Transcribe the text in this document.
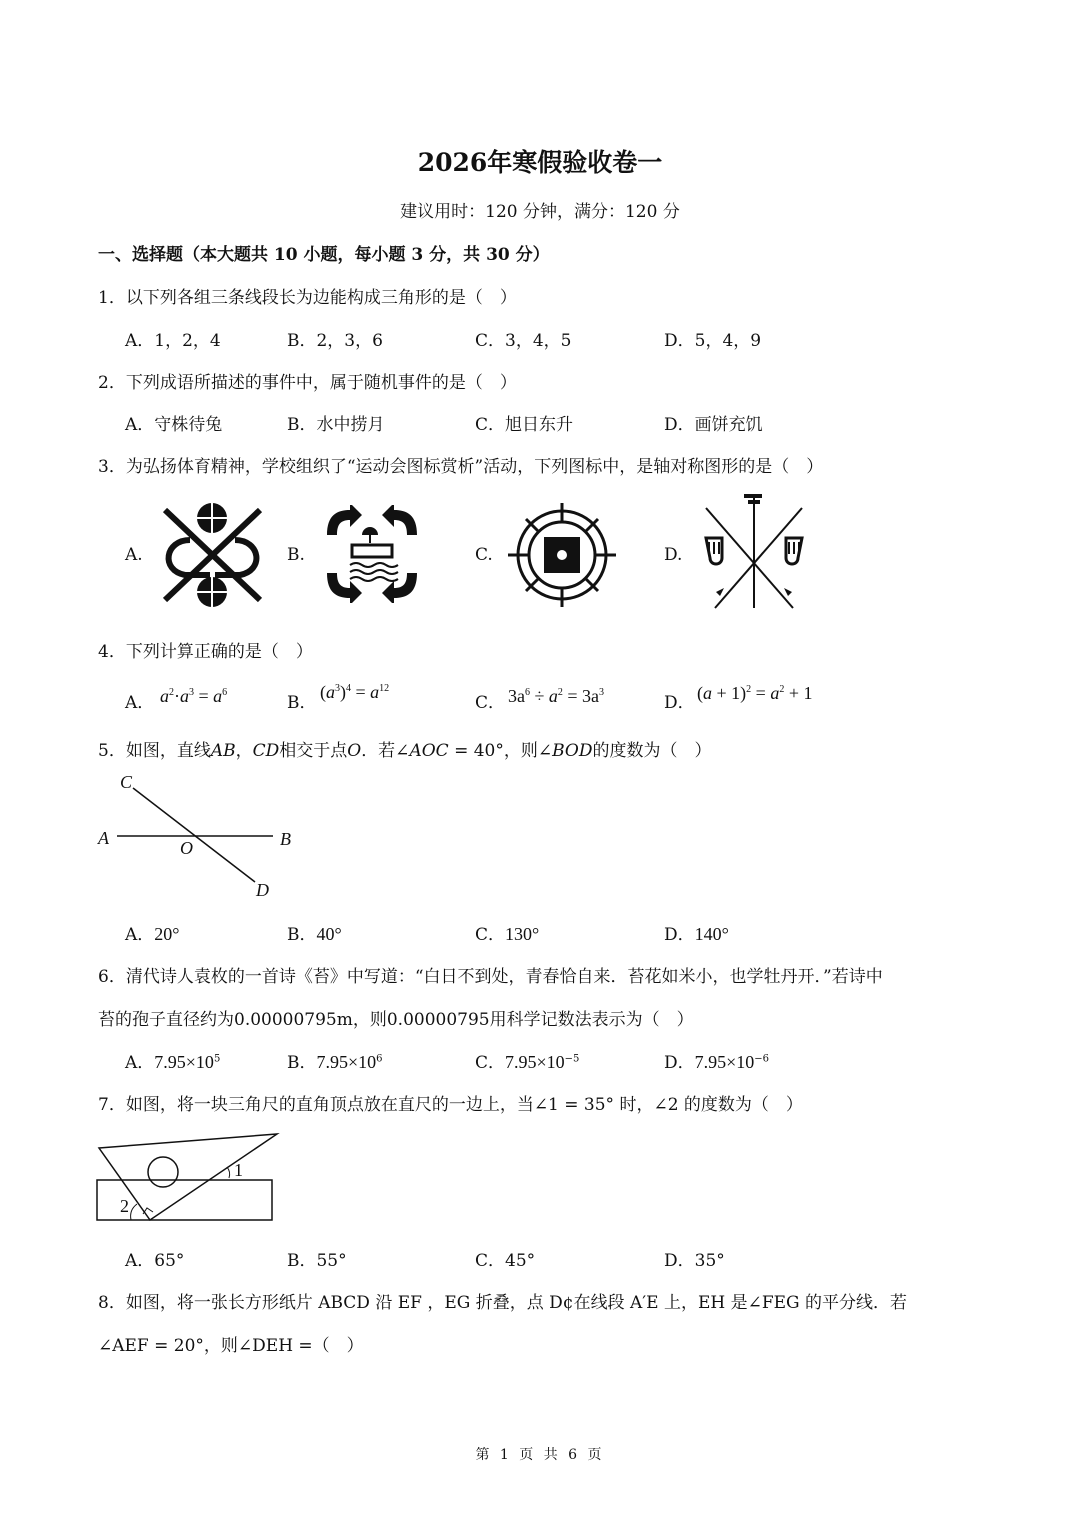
2026年寒假验收卷一
建议用时：120 分钟，满分：120 分
一、选择题（本大题共 10 小题，每小题 3 分，共 30 分）
1．以下列各组三条线段长为边能构成三角形的是（　）
A．1，2，4	B．2，3，6	C．3，4，5	D．5，4，9
2．下列成语所描述的事件中，属于随机事件的是（　）
A．守株待兔	B．水中捞月	C．旭日东升	D．画饼充饥
3．为弘扬体育精神，学校组织了“运动会图标赏析”活动，下列图标中，是轴对称图形的是（　）
A.	B.	C.	D.
4．下列计算正确的是（　）
A． $a^2\cdot a^3 = a^6$
B．
$(a^3)^4 = a^{12}$
C． $3a^6 \div a^2 = 3a^3$
D． $(a + 1)^2 = a^2 + 1$
5．如图，直线AB，CD相交于点O．若∠AOC = 40°，则∠BOD的度数为（　）
C
A	O	B
D
A．20°	B．40°	C．130°	D．140°
6．清代诗人袁枚的一首诗《苔》中写道：“白日不到处，青春恰自来．苔花如米小，也学牡丹开．”若诗中
苔的孢子直径约为0.00000795m，则0.00000795用科学记数法表示为（　）
A．$7.95\times 10^5$	B．$7.95\times 10^6$	C．$7.95\times 10^{-5}$	D．$7.95\times 10^{-6}$
7．如图，将一块三角尺的直角顶点放在直尺的一边上，当∠1 = 35° 时，∠2 的度数为（　）
1
2
A．65°	B．55°	C．45°	D．35°
8．如图，将一张长方形纸片 ABCD 沿 EF ，EG 折叠，点 D¢在线段 A′E 上，EH 是∠FEG 的平分线．若
∠AEF = 20°，则∠DEH =（　）
第 1 页 共 6 页
